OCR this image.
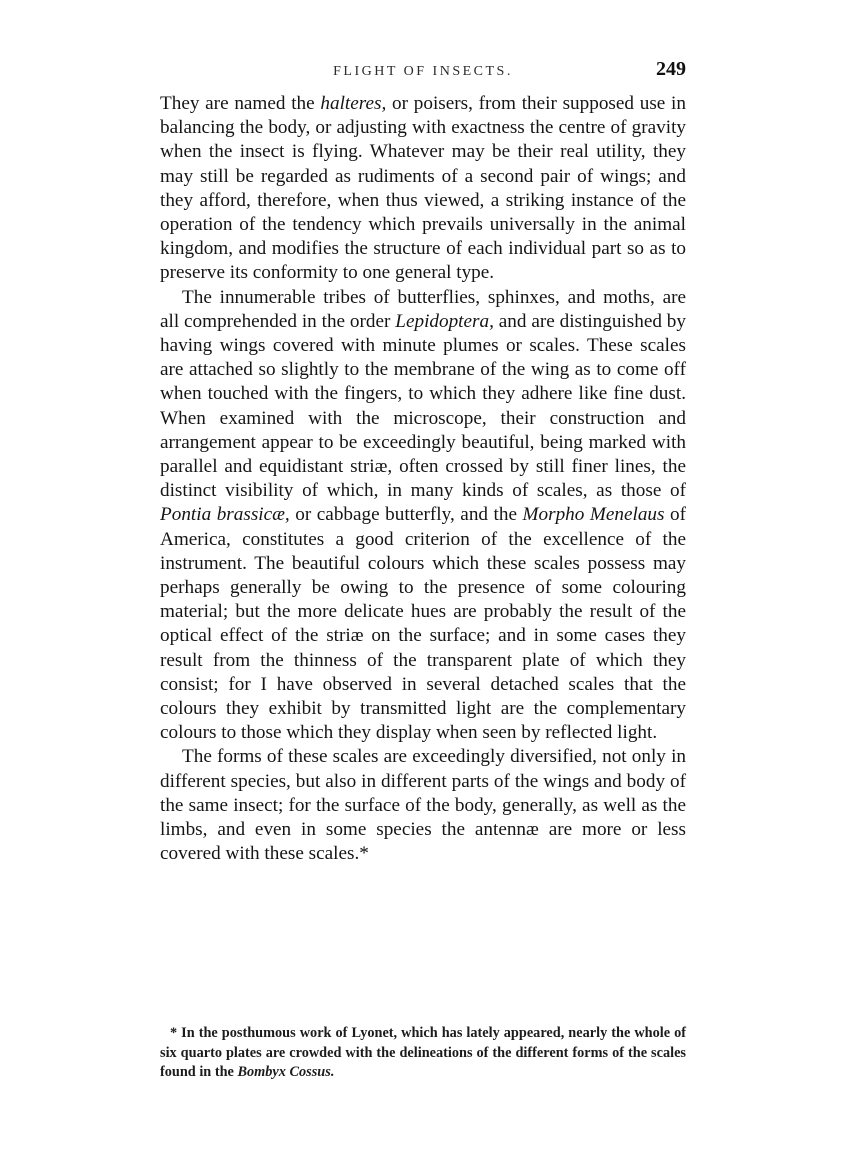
FLIGHT OF INSECTS.	249

They are named the halteres, or poisers, from their supposed use in balancing the body, or adjusting with exactness the centre of gravity when the insect is flying. Whatever may be their real utility, they may still be regarded as rudiments of a second pair of wings; and they afford, therefore, when thus viewed, a striking instance of the operation of the tendency which prevails universally in the animal kingdom, and modifies the structure of each individual part so as to preserve its conformity to one general type.

The innumerable tribes of butterflies, sphinxes, and moths, are all comprehended in the order Lepidoptera, and are distinguished by having wings covered with minute plumes or scales. These scales are attached so slightly to the membrane of the wing as to come off when touched with the fingers, to which they adhere like fine dust. When examined with the microscope, their construction and arrangement appear to be exceedingly beautiful, being marked with parallel and equidistant striæ, often crossed by still finer lines, the distinct visibility of which, in many kinds of scales, as those of Pontia brassicæ, or cabbage butterfly, and the Morpho Menelaus of America, constitutes a good criterion of the excellence of the instrument. The beautiful colours which these scales possess may perhaps generally be owing to the presence of some colouring material; but the more delicate hues are probably the result of the optical effect of the striæ on the surface; and in some cases they result from the thinness of the transparent plate of which they consist; for I have observed in several detached scales that the colours they exhibit by transmitted light are the complementary colours to those which they display when seen by reflected light.

The forms of these scales are exceedingly diversified, not only in different species, but also in different parts of the wings and body of the same insect; for the surface of the body, generally, as well as the limbs, and even in some species the antennæ are more or less covered with these scales.*

* In the posthumous work of Lyonet, which has lately appeared, nearly the whole of six quarto plates are crowded with the delineations of the different forms of the scales found in the Bombyx Cossus.
